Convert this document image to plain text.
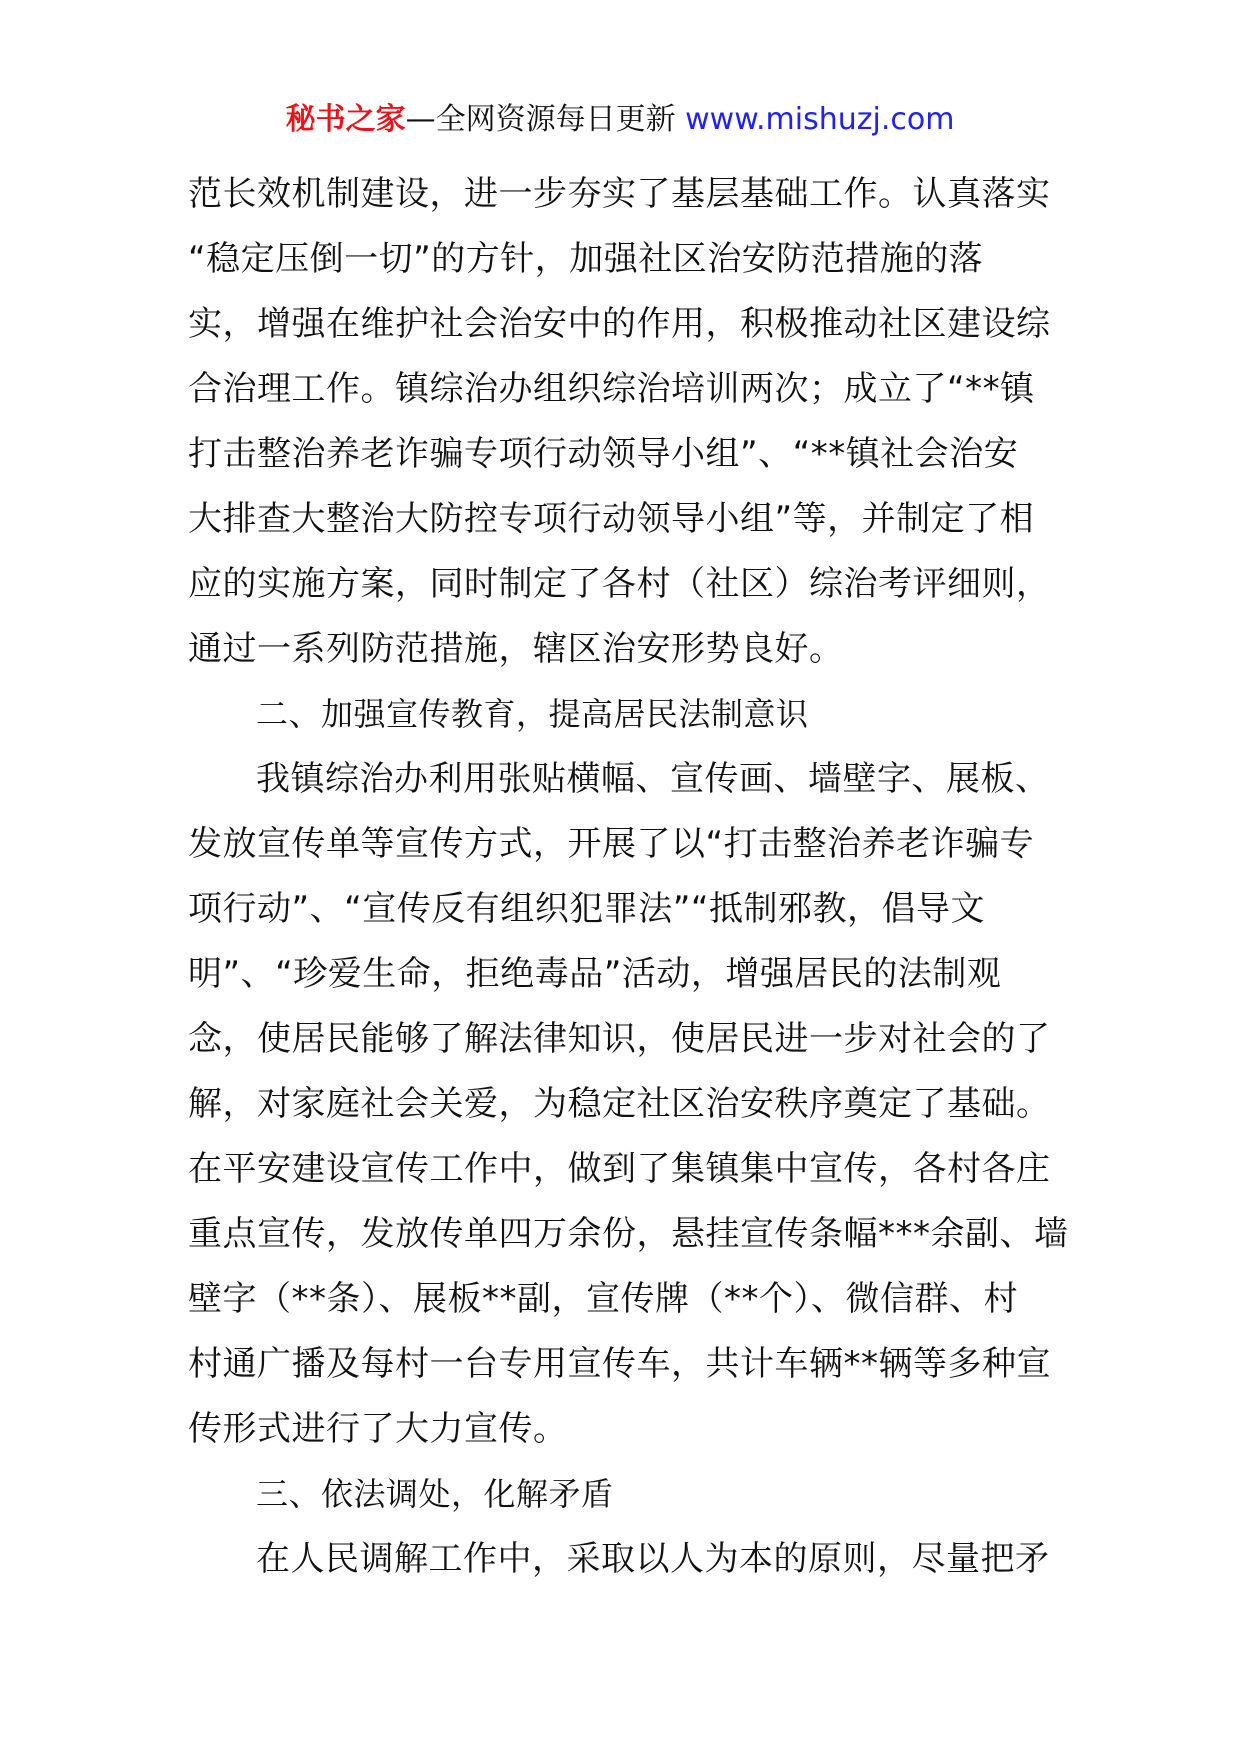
秘书之家—全网资源每日更新 www.mishuzj.com
范长效机制建设，进一步夯实了基层基础工作。认真落实
“稳定压倒一切”的方针，加强社区治安防范措施的落
实，增强在维护社会治安中的作用，积极推动社区建设综
合治理工作。镇综治办组织综治培训两次；成立了“**镇
打击整治养老诈骗专项行动领导小组”、“**镇社会治安
大排查大整治大防控专项行动领导小组”等，并制定了相
应的实施方案，同时制定了各村（社区）综治考评细则，
通过一系列防范措施，辖区治安形势良好。
二、加强宣传教育，提高居民法制意识
我镇综治办利用张贴横幅、宣传画、墙壁字、展板、
发放宣传单等宣传方式，开展了以“打击整治养老诈骗专
项行动”、“宣传反有组织犯罪法”“抵制邪教，倡导文
明”、“珍爱生命，拒绝毒品”活动，增强居民的法制观
念，使居民能够了解法律知识，使居民进一步对社会的了
解，对家庭社会关爱，为稳定社区治安秩序奠定了基础。
在平安建设宣传工作中，做到了集镇集中宣传，各村各庄
重点宣传，发放传单四万余份，悬挂宣传条幅***余副、墙
壁字（**条）、展板**副，宣传牌（**个）、微信群、村
村通广播及每村一台专用宣传车，共计车辆**辆等多种宣
传形式进行了大力宣传。
三、依法调处，化解矛盾
在人民调解工作中，采取以人为本的原则，尽量把矛
